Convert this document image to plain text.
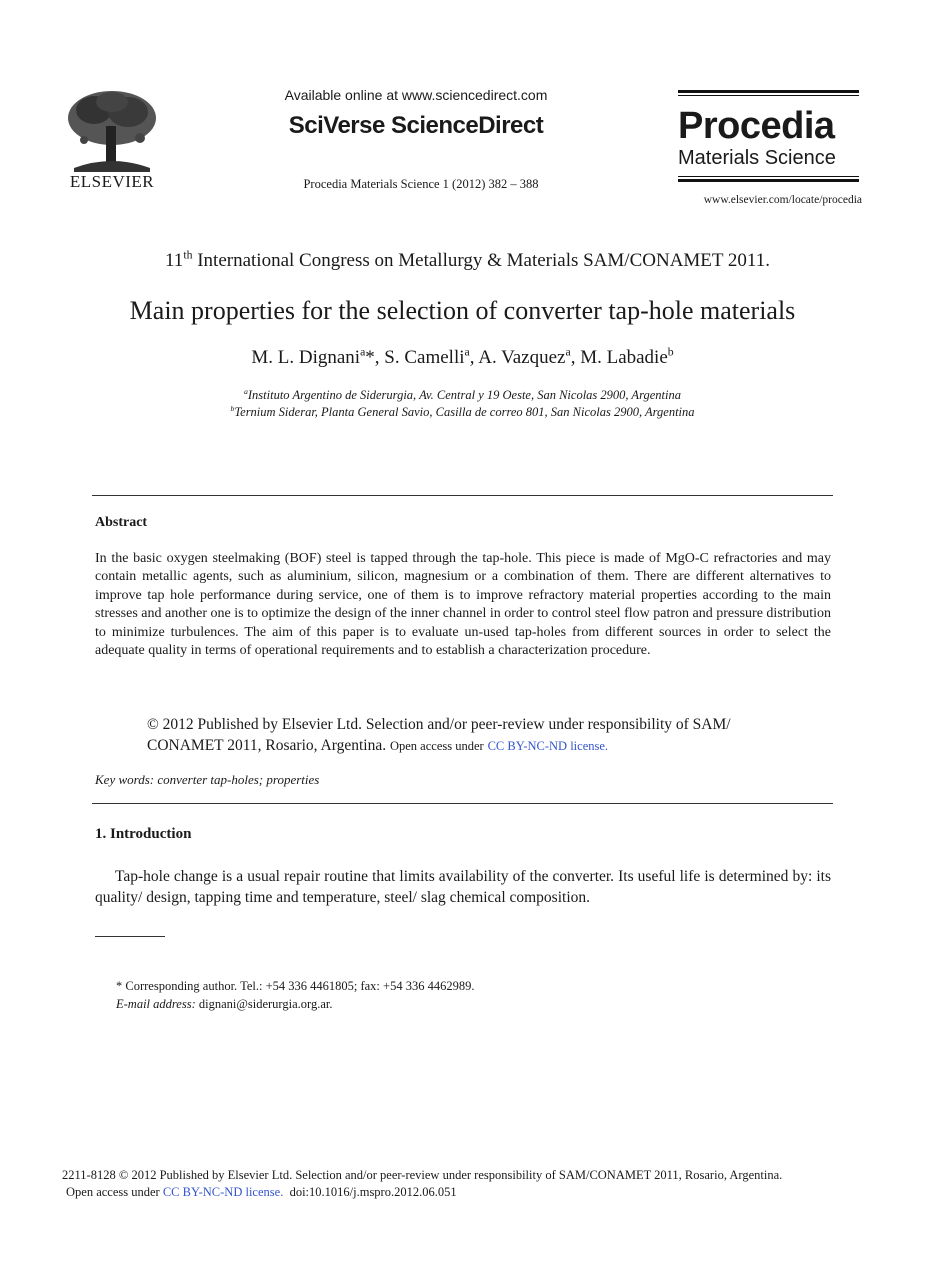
ELSEVIER
Available online at www.sciencedirect.com
SciVerse ScienceDirect
Procedia Materials Science 1 (2012) 382 – 388
Procedia
Materials Science
www.elsevier.com/locate/procedia
11th International Congress on Metallurgy & Materials SAM/CONAMET 2011.
Main properties for the selection of converter tap-hole materials
M. L. Dignani$^a$*, S. Camelli$^a$, A. Vazquez$^a$, M. Labadie$^b$
$^a$Instituto Argentino de Siderurgia, Av. Central y 19 Oeste, San Nicolas 2900, Argentina
$^b$Ternium Siderar, Planta General Savio, Casilla de correo 801, San Nicolas 2900, Argentina
Abstract
In the basic oxygen steelmaking (BOF) steel is tapped through the tap-hole. This piece is made of MgO-C refractories and may contain metallic agents, such as aluminium, silicon, magnesium or a combination of them. There are different alternatives to improve tap hole performance during service, one of them is to improve refractory material properties according to the main stresses and another one is to optimize the design of the inner channel in order to control steel flow patron and pressure distribution to minimize turbulences. The aim of this paper is to evaluate un-used tap-holes from different sources in order to select the adequate quality in terms of operational requirements and to establish a characterization procedure.
© 2012 Published by Elsevier Ltd. Selection and/or peer-review under responsibility of SAM/ CONAMET 2011, Rosario, Argentina. Open access under CC BY-NC-ND license.
Key words: converter tap-holes; properties
1. Introduction
Tap-hole change is a usual repair routine that limits availability of the converter. Its useful life is determined by: its quality/ design, tapping time and temperature, steel/ slag chemical composition.
* Corresponding author. Tel.: +54 336 4461805; fax: +54 336 4462989.
E-mail address: dignani@siderurgia.org.ar.
2211-8128 © 2012 Published by Elsevier Ltd. Selection and/or peer-review under responsibility of SAM/CONAMET 2011, Rosario, Argentina.
Open access under CC BY-NC-ND license. doi:10.1016/j.mspro.2012.06.051
